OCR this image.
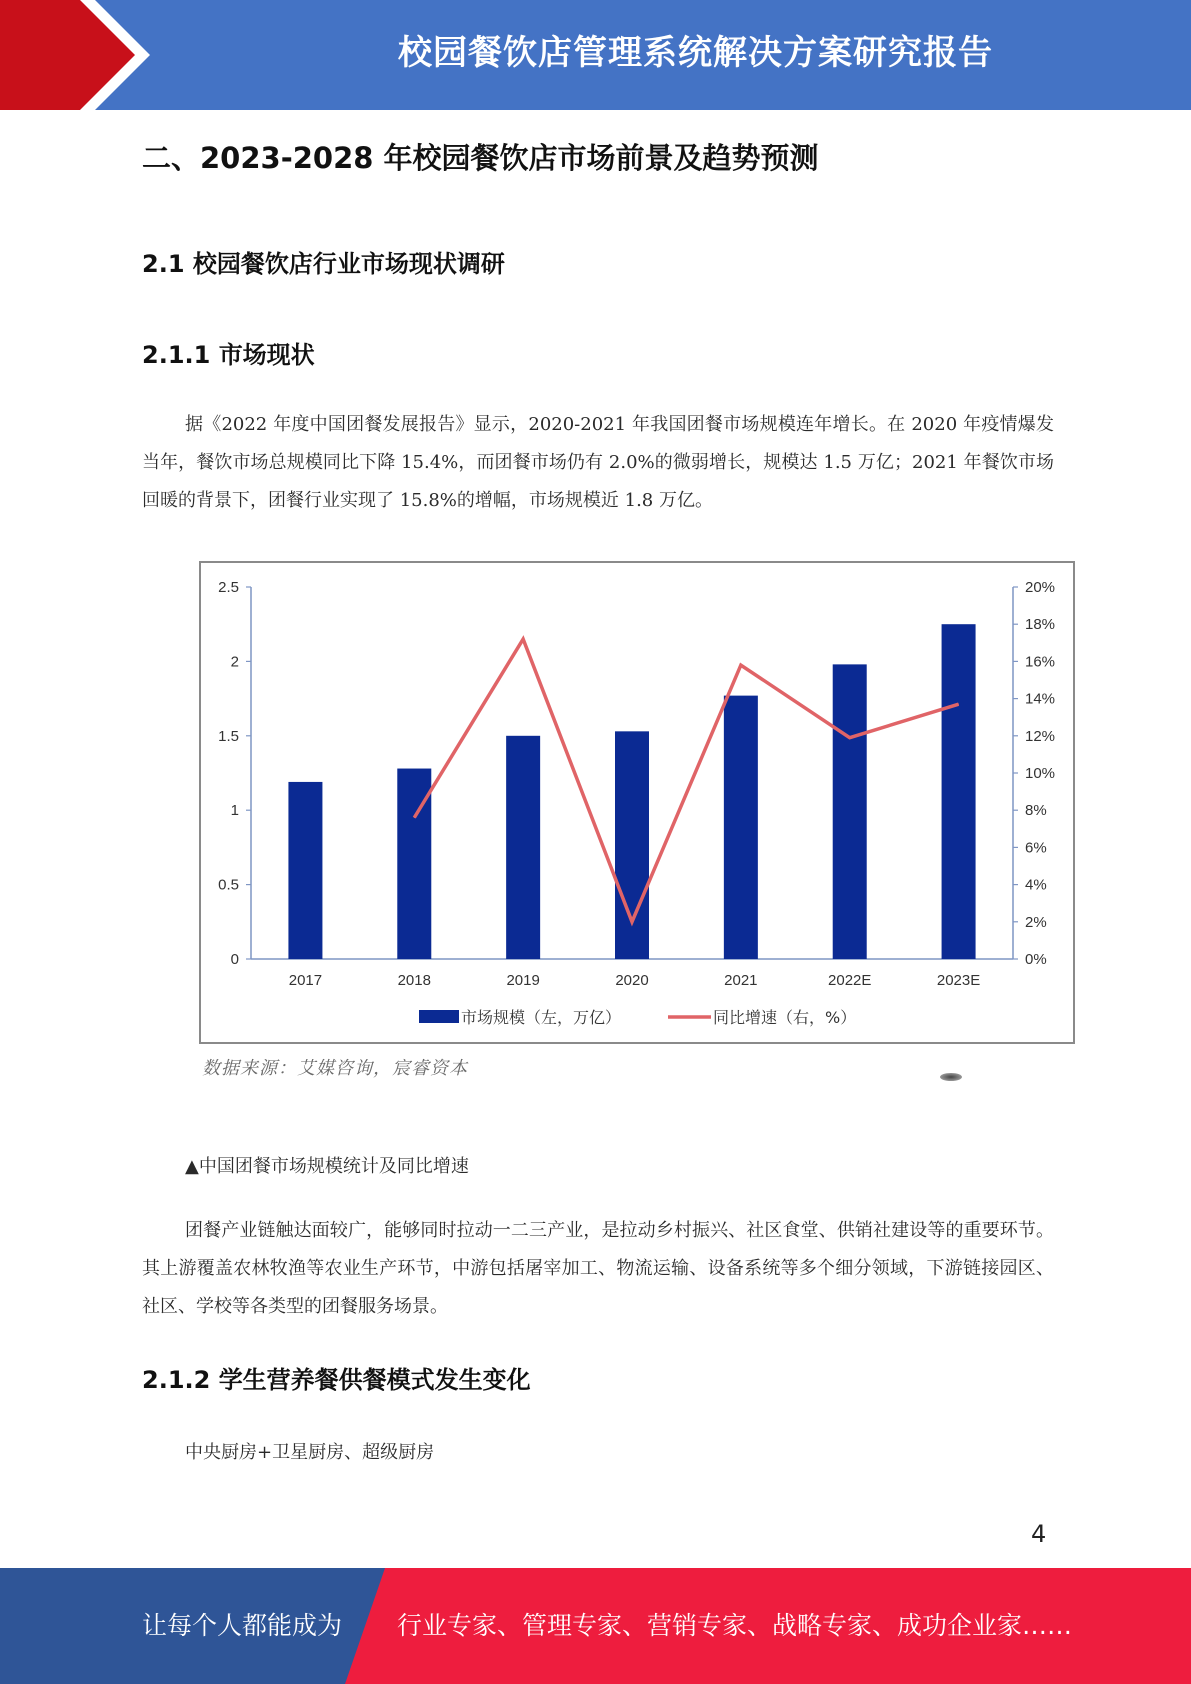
校园餐饮店管理系统解决方案研究报告
二、2023-2028 年校园餐饮店市场前景及趋势预测
2.1 校园餐饮店行业市场现状调研
2.1.1 市场现状
据《2022 年度中国团餐发展报告》显示，2020-2021 年我国团餐市场规模连年增长。在 2020 年疫情爆发当年，餐饮市场总规模同比下降 15.4%，而团餐市场仍有 2.0%的微弱增长，规模达 1.5 万亿；2021 年餐饮市场回暖的背景下，团餐行业实现了 15.8%的增幅，市场规模近 1.8 万亿。
0
0.5
1
1.5
2
2.5
0%
2%
4%
6%
8%
10%
12%
14%
16%
18%
20%
2017	2018	2019	2020	2021	2022E	2023E
市场规模（左，万亿）	同比增速（右，%）
数据来源：艾媒咨询，宸睿资本
▲中国团餐市场规模统计及同比增速
团餐产业链触达面较广，能够同时拉动一二三产业，是拉动乡村振兴、社区食堂、供销社建设等的重要环节。其上游覆盖农林牧渔等农业生产环节，中游包括屠宰加工、物流运输、设备系统等多个细分领域，下游链接园区、社区、学校等各类型的团餐服务场景。
2.1.2 学生营养餐供餐模式发生变化
中央厨房+卫星厨房、超级厨房
4
让每个人都能成为 行业专家、管理专家、营销专家、战略专家、成功企业家……
